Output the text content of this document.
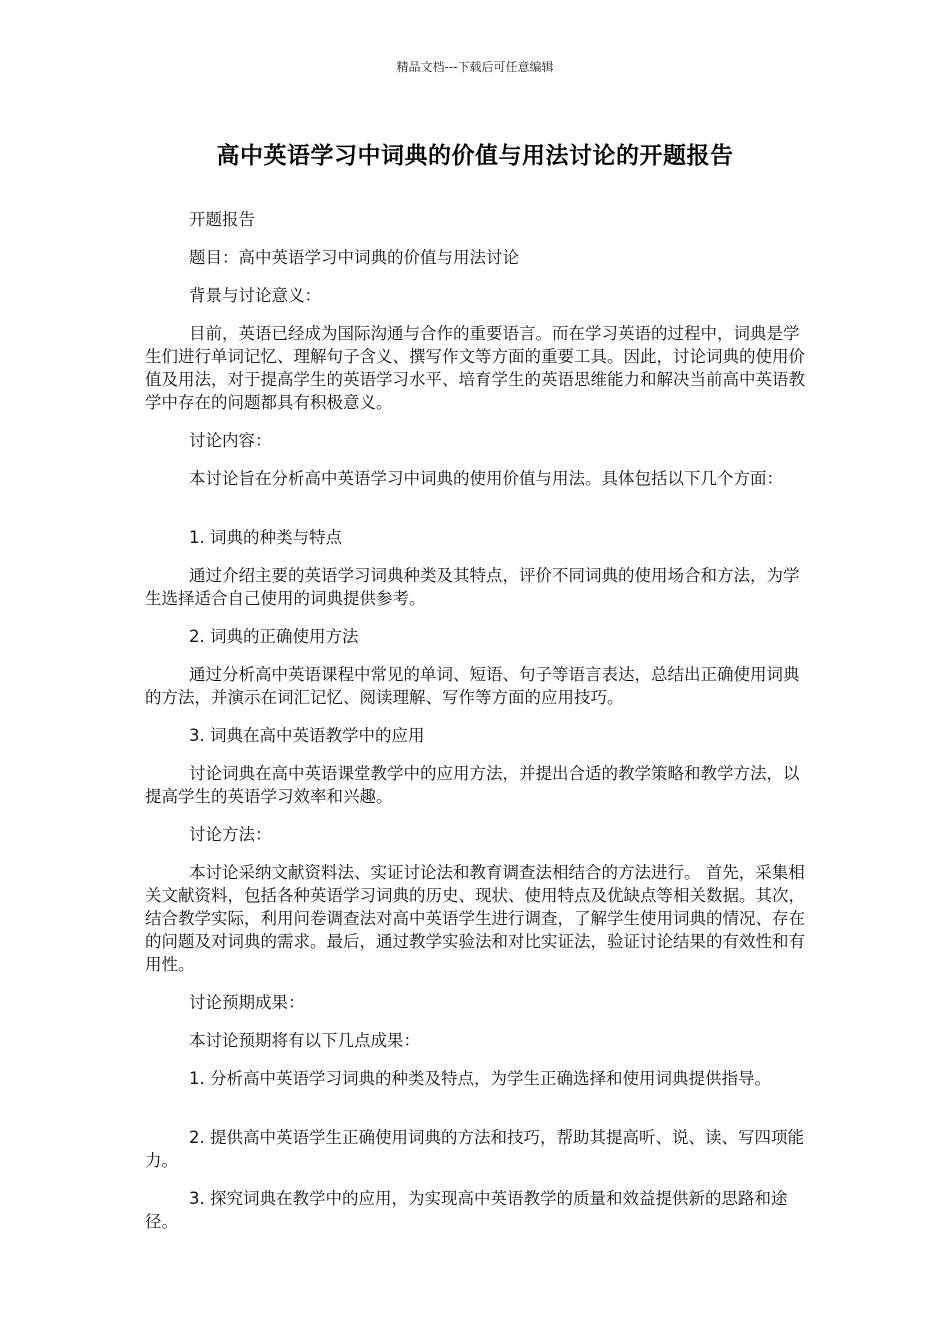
精品文档---下载后可任意编辑
高中英语学习中词典的价值与用法讨论的开题报告

开题报告

题目：高中英语学习中词典的价值与用法讨论

背景与讨论意义：

目前，英语已经成为国际沟通与合作的重要语言。而在学习英语的过程中，词典是学生们进行单词记忆、理解句子含义、撰写作文等方面的重要工具。因此，讨论词典的使用价值及用法，对于提高学生的英语学习水平、培育学生的英语思维能力和解决当前高中英语教学中存在的问题都具有积极意义。

讨论内容：

本讨论旨在分析高中英语学习中词典的使用价值与用法。具体包括以下几个方面：

1. 词典的种类与特点

通过介绍主要的英语学习词典种类及其特点，评价不同词典的使用场合和方法，为学生选择适合自己使用的词典提供参考。

2. 词典的正确使用方法

通过分析高中英语课程中常见的单词、短语、句子等语言表达，总结出正确使用词典的方法，并演示在词汇记忆、阅读理解、写作等方面的应用技巧。

3. 词典在高中英语教学中的应用

讨论词典在高中英语课堂教学中的应用方法，并提出合适的教学策略和教学方法，以提高学生的英语学习效率和兴趣。

讨论方法：

本讨论采纳文献资料法、实证讨论法和教育调查法相结合的方法进行。 首先，采集相关文献资料，包括各种英语学习词典的历史、现状、使用特点及优缺点等相关数据。其次，结合教学实际，利用问卷调查法对高中英语学生进行调查，了解学生使用词典的情况、存在的问题及对词典的需求。最后，通过教学实验法和对比实证法，验证讨论结果的有效性和有用性。

讨论预期成果：

本讨论预期将有以下几点成果：

1. 分析高中英语学习词典的种类及特点，为学生正确选择和使用词典提供指导。

2. 提供高中英语学生正确使用词典的方法和技巧，帮助其提高听、说、读、写四项能力。

3. 探究词典在教学中的应用，为实现高中英语教学的质量和效益提供新的思路和途径。
